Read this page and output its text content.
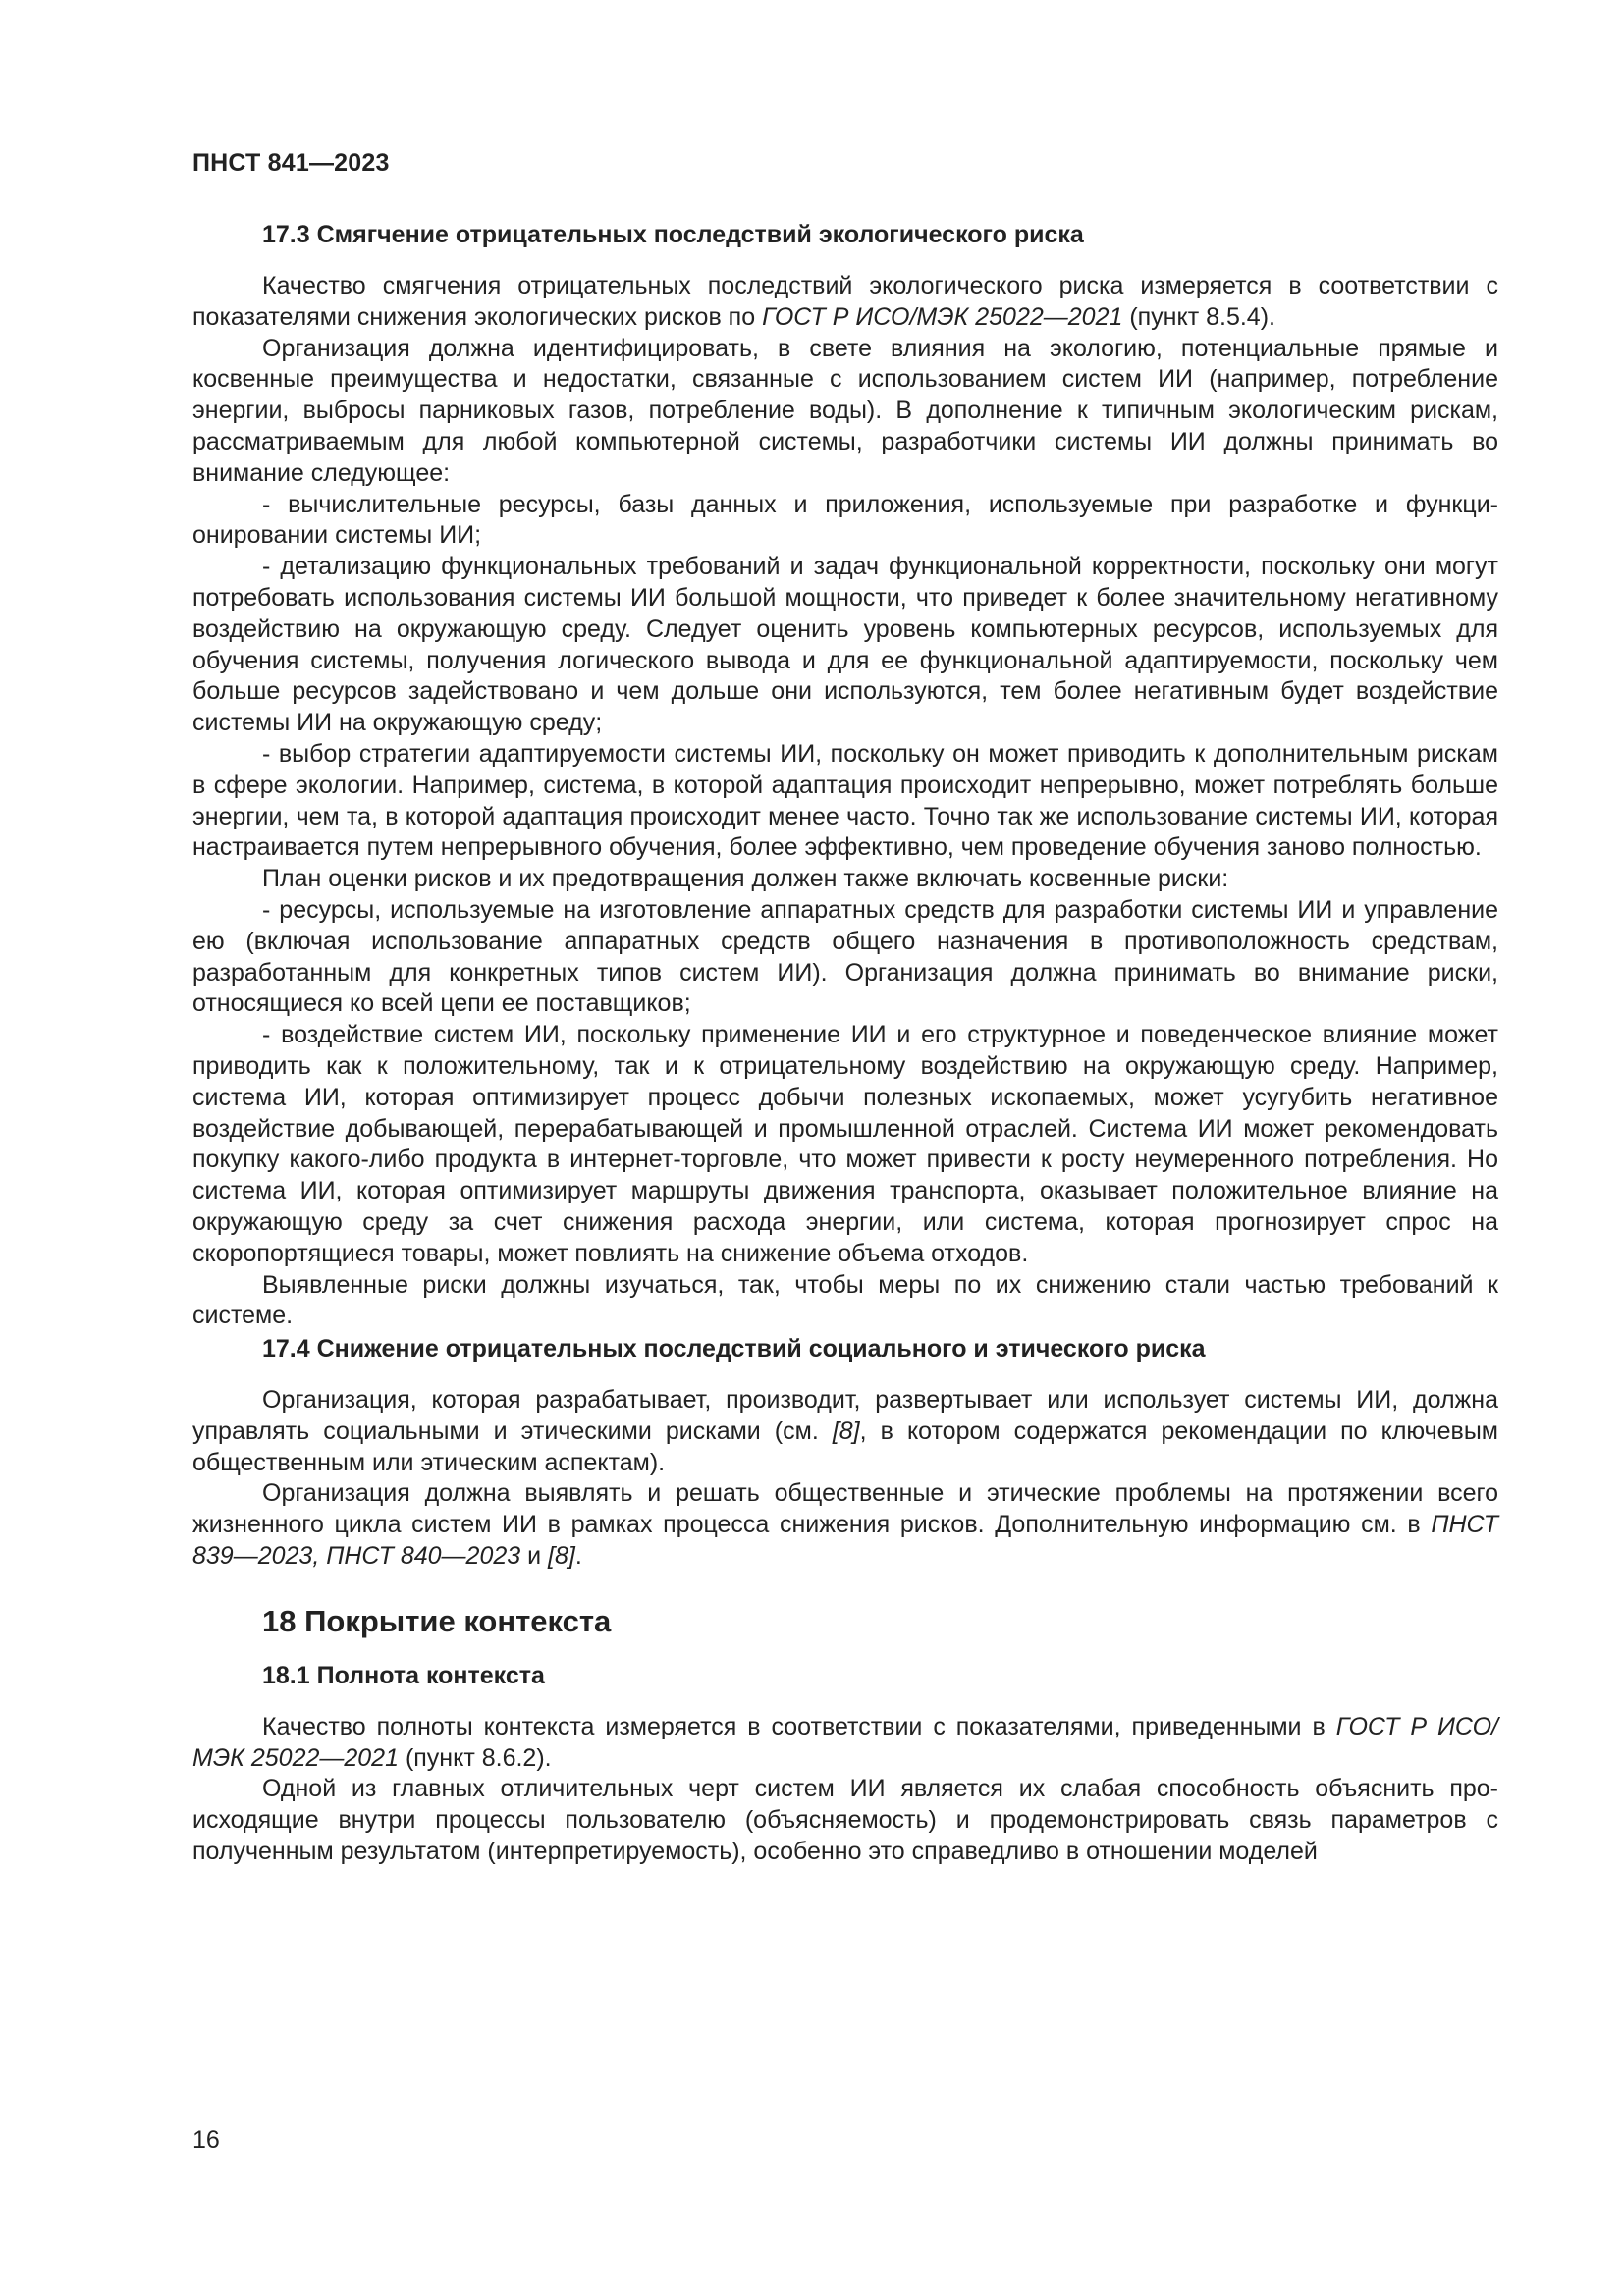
ПНСТ 841—2023
17.3 Смягчение отрицательных последствий экологического риска

Качество смягчения отрицательных последствий экологического риска измеряется в соответствии с показателями снижения экологических рисков по ГОСТ Р ИСО/МЭК 25022—2021 (пункт 8.5.4).

Организация должна идентифицировать, в свете влияния на экологию, потенциальные прямые и косвенные преимущества и недостатки, связанные с использованием систем ИИ (например, потребление энергии, выбросы парниковых газов, потребление воды). В дополнение к типичным экологическим рискам, рассматриваемым для любой компьютерной системы, разработчики системы ИИ должны принимать во внимание следующее:

- вычислительные ресурсы, базы данных и приложения, используемые при разработке и функционировании системы ИИ;

- детализацию функциональных требований и задач функциональной корректности, поскольку они могут потребовать использования системы ИИ большой мощности, что приведет к более значительному негативному воздействию на окружающую среду. Следует оценить уровень компьютерных ресурсов, используемых для обучения системы, получения логического вывода и для ее функциональной адаптируемости, поскольку чем больше ресурсов задействовано и чем дольше они используются, тем более негативным будет воздействие системы ИИ на окружающую среду;

- выбор стратегии адаптируемости системы ИИ, поскольку он может приводить к дополнительным рискам в сфере экологии. Например, система, в которой адаптация происходит непрерывно, может потреблять больше энергии, чем та, в которой адаптация происходит менее часто. Точно так же использование системы ИИ, которая настраивается путем непрерывного обучения, более эффективно, чем проведение обучения заново полностью.

План оценки рисков и их предотвращения должен также включать косвенные риски:

- ресурсы, используемые на изготовление аппаратных средств для разработки системы ИИ и управление ею (включая использование аппаратных средств общего назначения в противоположность средствам, разработанным для конкретных типов систем ИИ). Организация должна принимать во внимание риски, относящиеся ко всей цепи ее поставщиков;

- воздействие систем ИИ, поскольку применение ИИ и его структурное и поведенческое влияние может приводить как к положительному, так и к отрицательному воздействию на окружающую среду. Например, система ИИ, которая оптимизирует процесс добычи полезных ископаемых, может усугубить негативное воздействие добывающей, перерабатывающей и промышленной отраслей. Система ИИ может рекомендовать покупку какого-либо продукта в интернет-торговле, что может привести к росту неумеренного потребления. Но система ИИ, которая оптимизирует маршруты движения транспорта, оказывает положительное влияние на окружающую среду за счет снижения расхода энергии, или система, которая прогнозирует спрос на скоропортящиеся товары, может повлиять на снижение объема отходов.

Выявленные риски должны изучаться, так, чтобы меры по их снижению стали частью требований к системе.

17.4 Снижение отрицательных последствий социального и этического риска

Организация, которая разрабатывает, производит, развертывает или использует системы ИИ, должна управлять социальными и этическими рисками (см. [8], в котором содержатся рекомендации по ключевым общественным или этическим аспектам).

Организация должна выявлять и решать общественные и этические проблемы на протяжении всего жизненного цикла систем ИИ в рамках процесса снижения рисков. Дополнительную информацию см. в ПНСТ 839—2023, ПНСТ 840—2023 и [8].

18 Покрытие контекста
18.1 Полнота контекста

Качество полноты контекста измеряется в соответствии с показателями, приведенными в ГОСТ Р ИСО/МЭК 25022—2021 (пункт 8.6.2).

Одной из главных отличительных черт систем ИИ является их слабая способность объяснить происходящие внутри процессы пользователю (объясняемость) и продемонстрировать связь параметров с полученным результатом (интерпретируемость), особенно это справедливо в отношении моделей

16
